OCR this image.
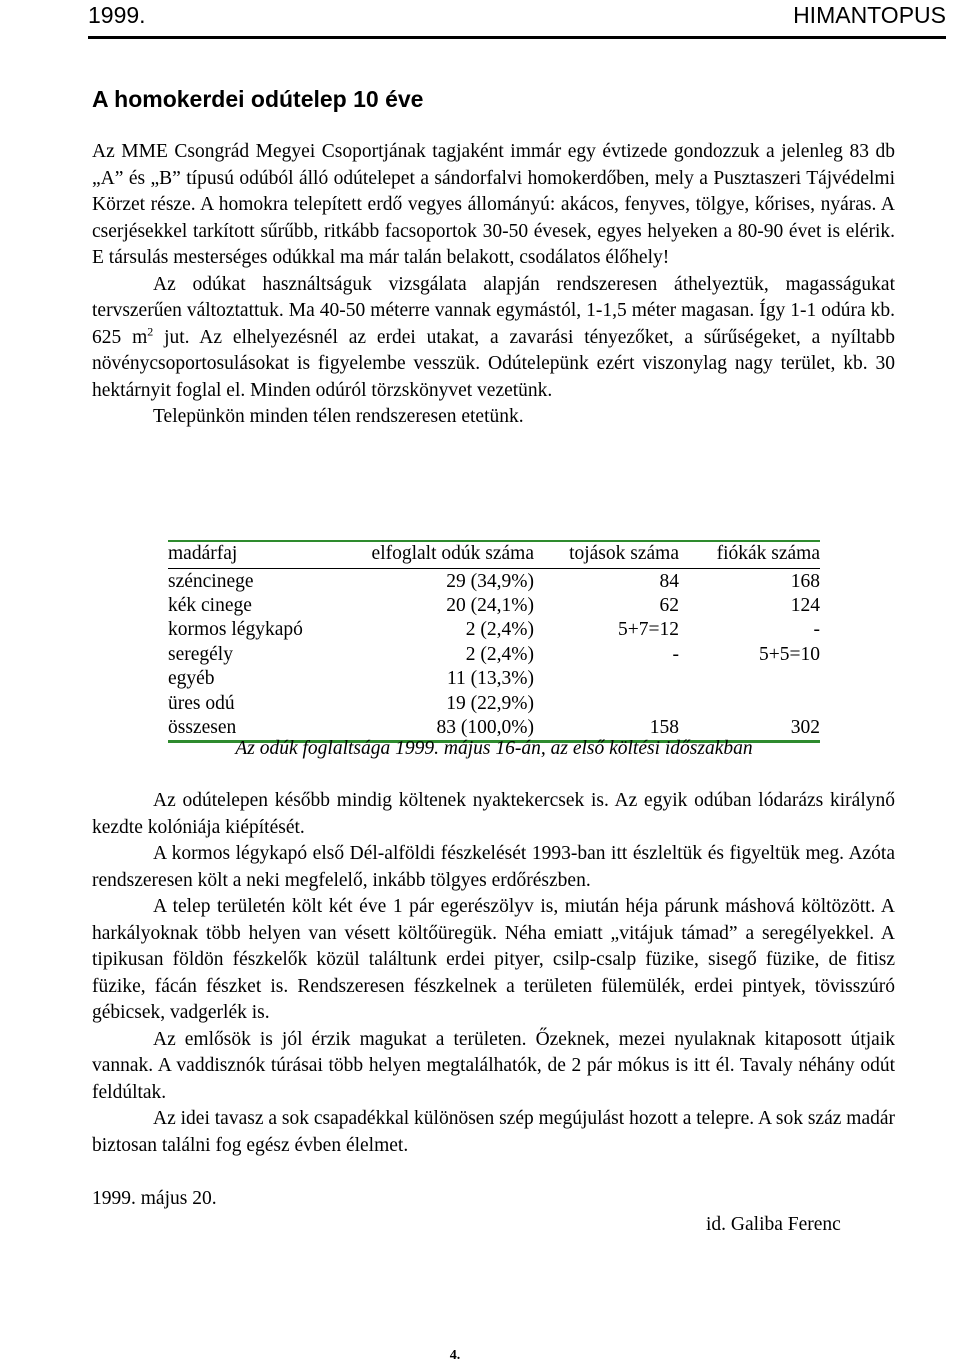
1999.	HIMANTOPUS
A homokerdei odútelep 10 éve

Az MME Csongrád Megyei Csoportjának tagjaként immár egy évtizede gondozzuk a jelenleg 83 db „A” és „B” típusú odúból álló odútelepet a sándorfalvi homokerdőben, mely a Pusztaszeri Tájvédelmi Körzet része. A homokra telepített erdő vegyes állományú: akácos, fenyves, tölgye, kőrises, nyáras. A cserjésekkel tarkított sűrűbb, ritkább facsoportok 30-50 évesek, egyes helyeken a 80-90 évet is elérik. E társulás mesterséges odúkkal ma már talán belakott, csodálatos élőhely!

Az odúkat használtságuk vizsgálata alapján rendszeresen áthelyeztük, magasságukat tervszerűen változtattuk. Ma 40-50 méterre vannak egymástól, 1-1,5 méter magasan. Így 1-1 odúra kb. 625 $m^2$ jut. Az elhelyezésnél az erdei utakat, a zavarási tényezőket, a sűrűségeket, a nyíltabb növénycsoportosulásokat is figyelembe vesszük. Odútelepünk ezért viszonylag nagy terület, kb. 30 hektárnyit foglal el. Minden odúról törzskönyvet vezetünk.

Telepünkön minden télen rendszeresen etetünk.

madárfaj	elfoglalt odúk száma	tojások száma	fiókák száma
széncinege	29 (34,9%)	84	168
kék cinege	20 (24,1%)	62	124
kormos légykapó	2 (2,4%)	5+7=12	-
seregély	2 (2,4%)	-	5+5=10
egyéb	11 (13,3%)		
üres odú	19 (22,9%)		
összesen	83 (100,0%)	158	302
Az odúk foglaltsága 1999. május 16-án, az első költési időszakban

Az odútelepen később mindig költenek nyaktekercsek is. Az egyik odúban lódarázs királynő kezdte kolóniája kiépítését.

A kormos légykapó első Dél-alföldi fészkelését 1993-ban itt észleltük és figyeltük meg. Azóta rendszeresen költ a neki megfelelő, inkább tölgyes erdőrészben.

A telep területén költ két éve 1 pár egerészölyv is, miután héja párunk máshová költözött. A harkályoknak több helyen van vésett költőüregük. Néha emiatt „vitájuk támad” a seregélyekkel. A tipikusan földön fészkelők közül találtunk erdei pityer, csilp-csalp füzike, sisegő füzike, de fitisz füzike, fácán fészket is. Rendszeresen fészkelnek a területen fülemülék, erdei pintyek, tövisszúró gébicsek, vadgerlék is.

Az emlősök is jól érzik magukat a területen. Őzeknek, mezei nyulaknak kitaposott útjaik vannak. A vaddisznók túrásai több helyen megtalálhatók, de 2 pár mókus is itt él. Tavaly néhány odút feldúltak.

Az idei tavasz a sok csapadékkal különösen szép megújulást hozott a telepre. A sok száz madár biztosan találni fog egész évben élelmet.

1999. május 20.
id. Galiba Ferenc
4.
